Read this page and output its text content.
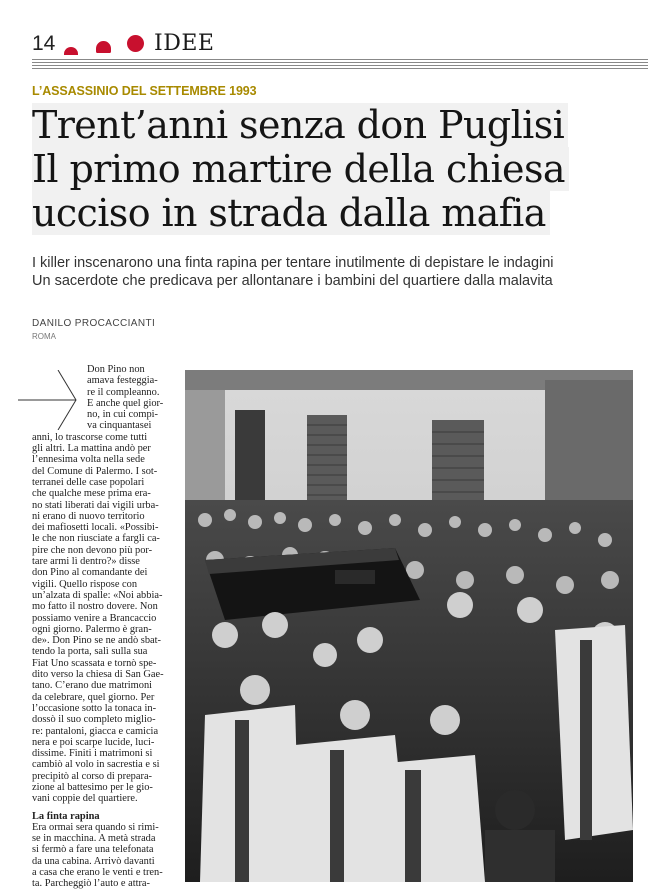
14	IDEE
L’ASSASSINIO DEL SETTEMBRE 1993
Trent’anni senza don Puglisi Il primo martire della chiesa ucciso in strada dalla mafia
I killer inscenarono una finta rapina per tentare inutilmente di depistare le indagini
Un sacerdote che predicava per allontanare i bambini del quartiere dalla malavita
DANILO PROCACCIANTI
ROMA
Don Pino non
amava festeggia-
re il compleanno.
E anche quel gior-
no, in cui compi-
va cinquantasei
anni, lo trascorse come tutti
gli altri. La mattina andò per
l’ennesima volta nella sede
del Comune di Palermo. I sot-
terranei delle case popolari
che qualche mese prima era-
no stati liberati dai vigili urba-
ni erano di nuovo territorio
dei mafiosetti locali. «Possibi-
le che non riusciate a fargli ca-
pire che non devono più por-
tare armi lì dentro?» disse
don Pino al comandante dei
vigili. Quello rispose con
un’alzata di spalle: «Noi abbia-
mo fatto il nostro dovere. Non
possiamo venire a Brancaccio
ogni giorno. Palermo è gran-
de». Don Pino se ne andò sbat-
tendo la porta, salì sulla sua
Fiat Uno scassata e tornò spe-
dito verso la chiesa di San Gae-
tano. C’erano due matrimoni
da celebrare, quel giorno. Per
l’occasione sotto la tonaca in-
dossò il suo completo miglio-
re: pantaloni, giacca e camicia
nera e poi scarpe lucide, luci-
dissime. Finiti i matrimoni si
cambiò al volo in sacrestia e si
precipitò al corso di prepara-
zione al battesimo per le gio-
vani coppie del quartiere.
La finta rapina
Era ormai sera quando si rimi-
se in macchina. A metà strada
si fermò a fare una telefonata
da una cabina. Arrivò davanti
a casa che erano le venti e tren-
ta. Parcheggiò l’auto e attra-
